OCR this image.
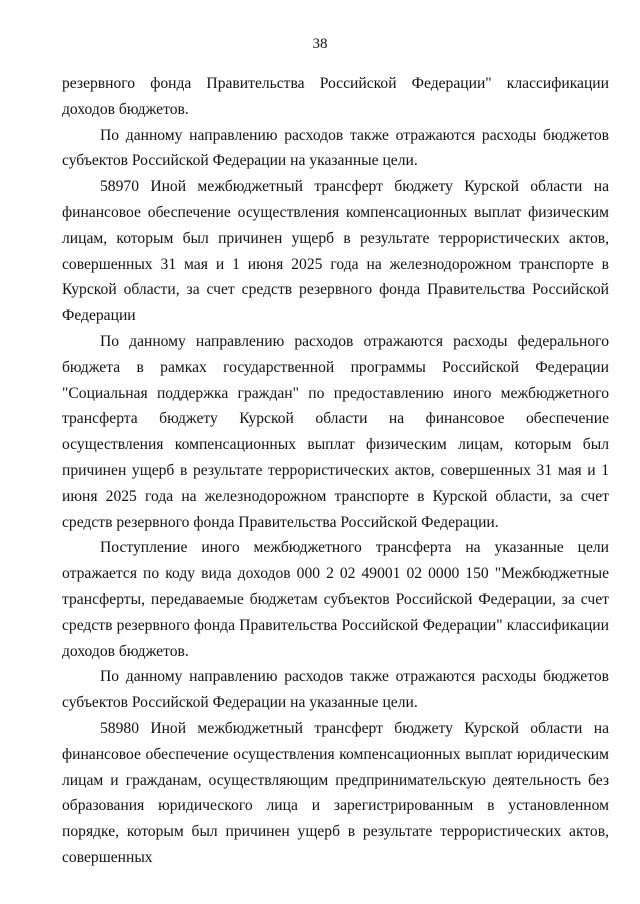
38

резервного фонда Правительства Российской Федерации" классификации доходов бюджетов.

По данному направлению расходов также отражаются расходы бюджетов субъектов Российской Федерации на указанные цели.

58970 Иной межбюджетный трансферт бюджету Курской области на финансовое обеспечение осуществления компенсационных выплат физическим лицам, которым был причинен ущерб в результате террористических актов, совершенных 31 мая и 1 июня 2025 года на железнодорожном транспорте в Курской области, за счет средств резервного фонда Правительства Российской Федерации

По данному направлению расходов отражаются расходы федерального бюджета в рамках государственной программы Российской Федерации "Социальная поддержка граждан" по предоставлению иного межбюджетного трансферта бюджету Курской области на финансовое обеспечение осуществления компенсационных выплат физическим лицам, которым был причинен ущерб в результате террористических актов, совершенных 31 мая и 1 июня 2025 года на железнодорожном транспорте в Курской области, за счет средств резервного фонда Правительства Российской Федерации.

Поступление иного межбюджетного трансферта на указанные цели отражается по коду вида доходов 000 2 02 49001 02 0000 150 "Межбюджетные трансферты, передаваемые бюджетам субъектов Российской Федерации, за счет средств резервного фонда Правительства Российской Федерации" классификации доходов бюджетов.

По данному направлению расходов также отражаются расходы бюджетов субъектов Российской Федерации на указанные цели.

58980 Иной межбюджетный трансферт бюджету Курской области на финансовое обеспечение осуществления компенсационных выплат юридическим лицам и гражданам, осуществляющим предпринимательскую деятельность без образования юридического лица и зарегистрированным в установленном порядке, которым был причинен ущерб в результате террористических актов, совершенных
